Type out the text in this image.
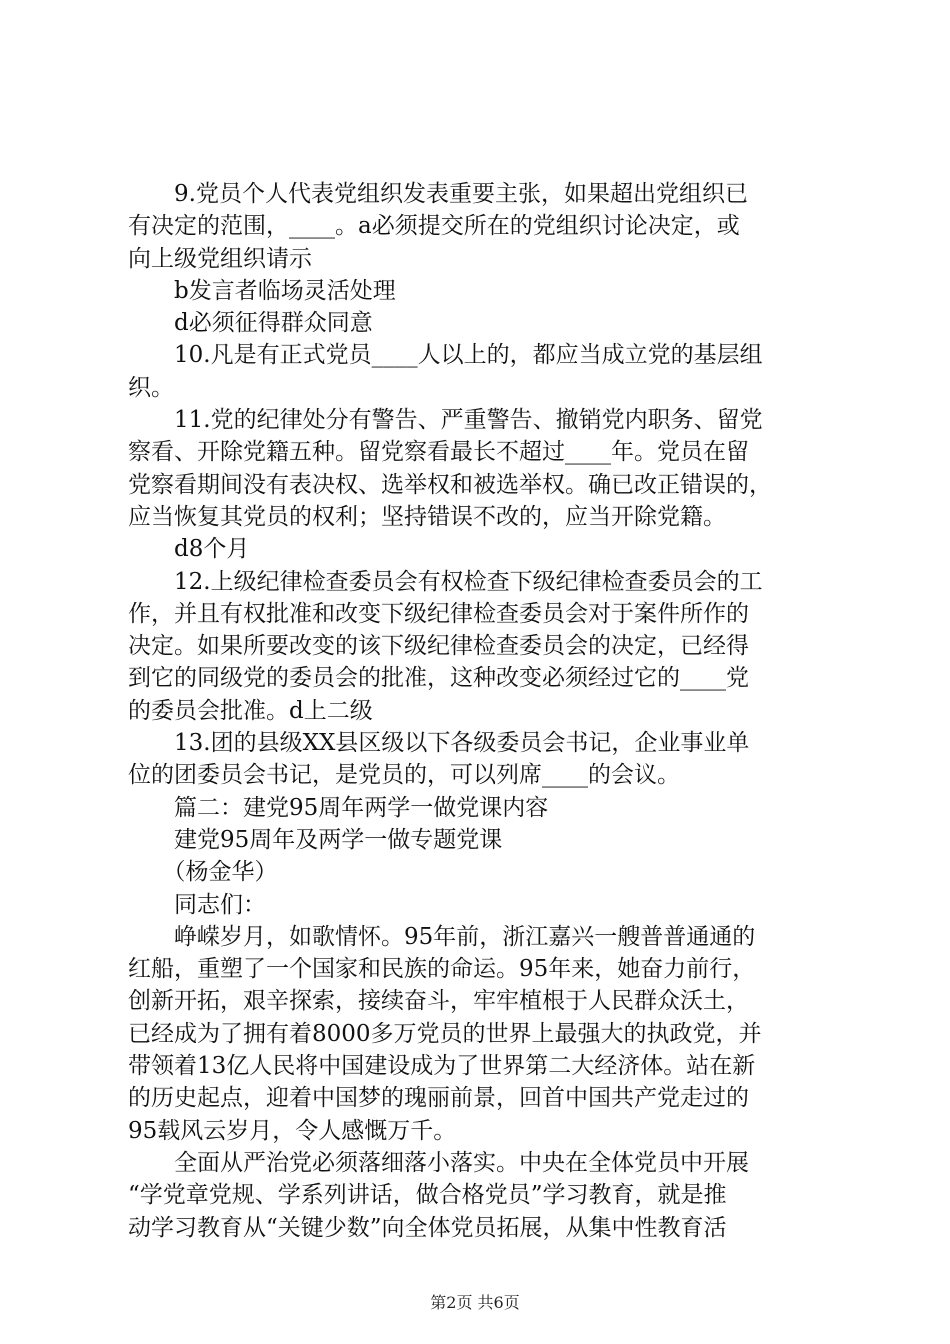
　　9.党员个人代表党组织发表重要主张，如果超出党组织已
有决定的范围，____。a必须提交所在的党组织讨论决定，或
向上级党组织请示
　　b发言者临场灵活处理
　　d必须征得群众同意
　　10.凡是有正式党员____人以上的，都应当成立党的基层组
织。
　　11.党的纪律处分有警告、严重警告、撤销党内职务、留党
察看、开除党籍五种。留党察看最长不超过____年。党员在留
党察看期间没有表决权、选举权和被选举权。确已改正错误的，
应当恢复其党员的权利；坚持错误不改的，应当开除党籍。
　　d8个月
　　12.上级纪律检查委员会有权检查下级纪律检查委员会的工
作，并且有权批准和改变下级纪律检查委员会对于案件所作的
决定。如果所要改变的该下级纪律检查委员会的决定，已经得
到它的同级党的委员会的批准，这种改变必须经过它的____党
的委员会批准。d上二级
　　13.团的县级XX县区级以下各级委员会书记，企业事业单
位的团委员会书记，是党员的，可以列席____的会议。
　　篇二：建党95周年两学一做党课内容
　　建党95周年及两学一做专题党课
　　（杨金华）
　　同志们：
　　峥嵘岁月，如歌情怀。95年前，浙江嘉兴一艘普普通通的
红船，重塑了一个国家和民族的命运。95年来，她奋力前行，
创新开拓，艰辛探索，接续奋斗，牢牢植根于人民群众沃土，
已经成为了拥有着8000多万党员的世界上最强大的执政党，并
带领着13亿人民将中国建设成为了世界第二大经济体。站在新
的历史起点，迎着中国梦的瑰丽前景，回首中国共产党走过的
95载风云岁月，令人感慨万千。
　　全面从严治党必须落细落小落实。中央在全体党员中开展
“学党章党规、学系列讲话，做合格党员”学习教育，就是推
动学习教育从“关键少数”向全体党员拓展，从集中性教育活
第2页 共6页
